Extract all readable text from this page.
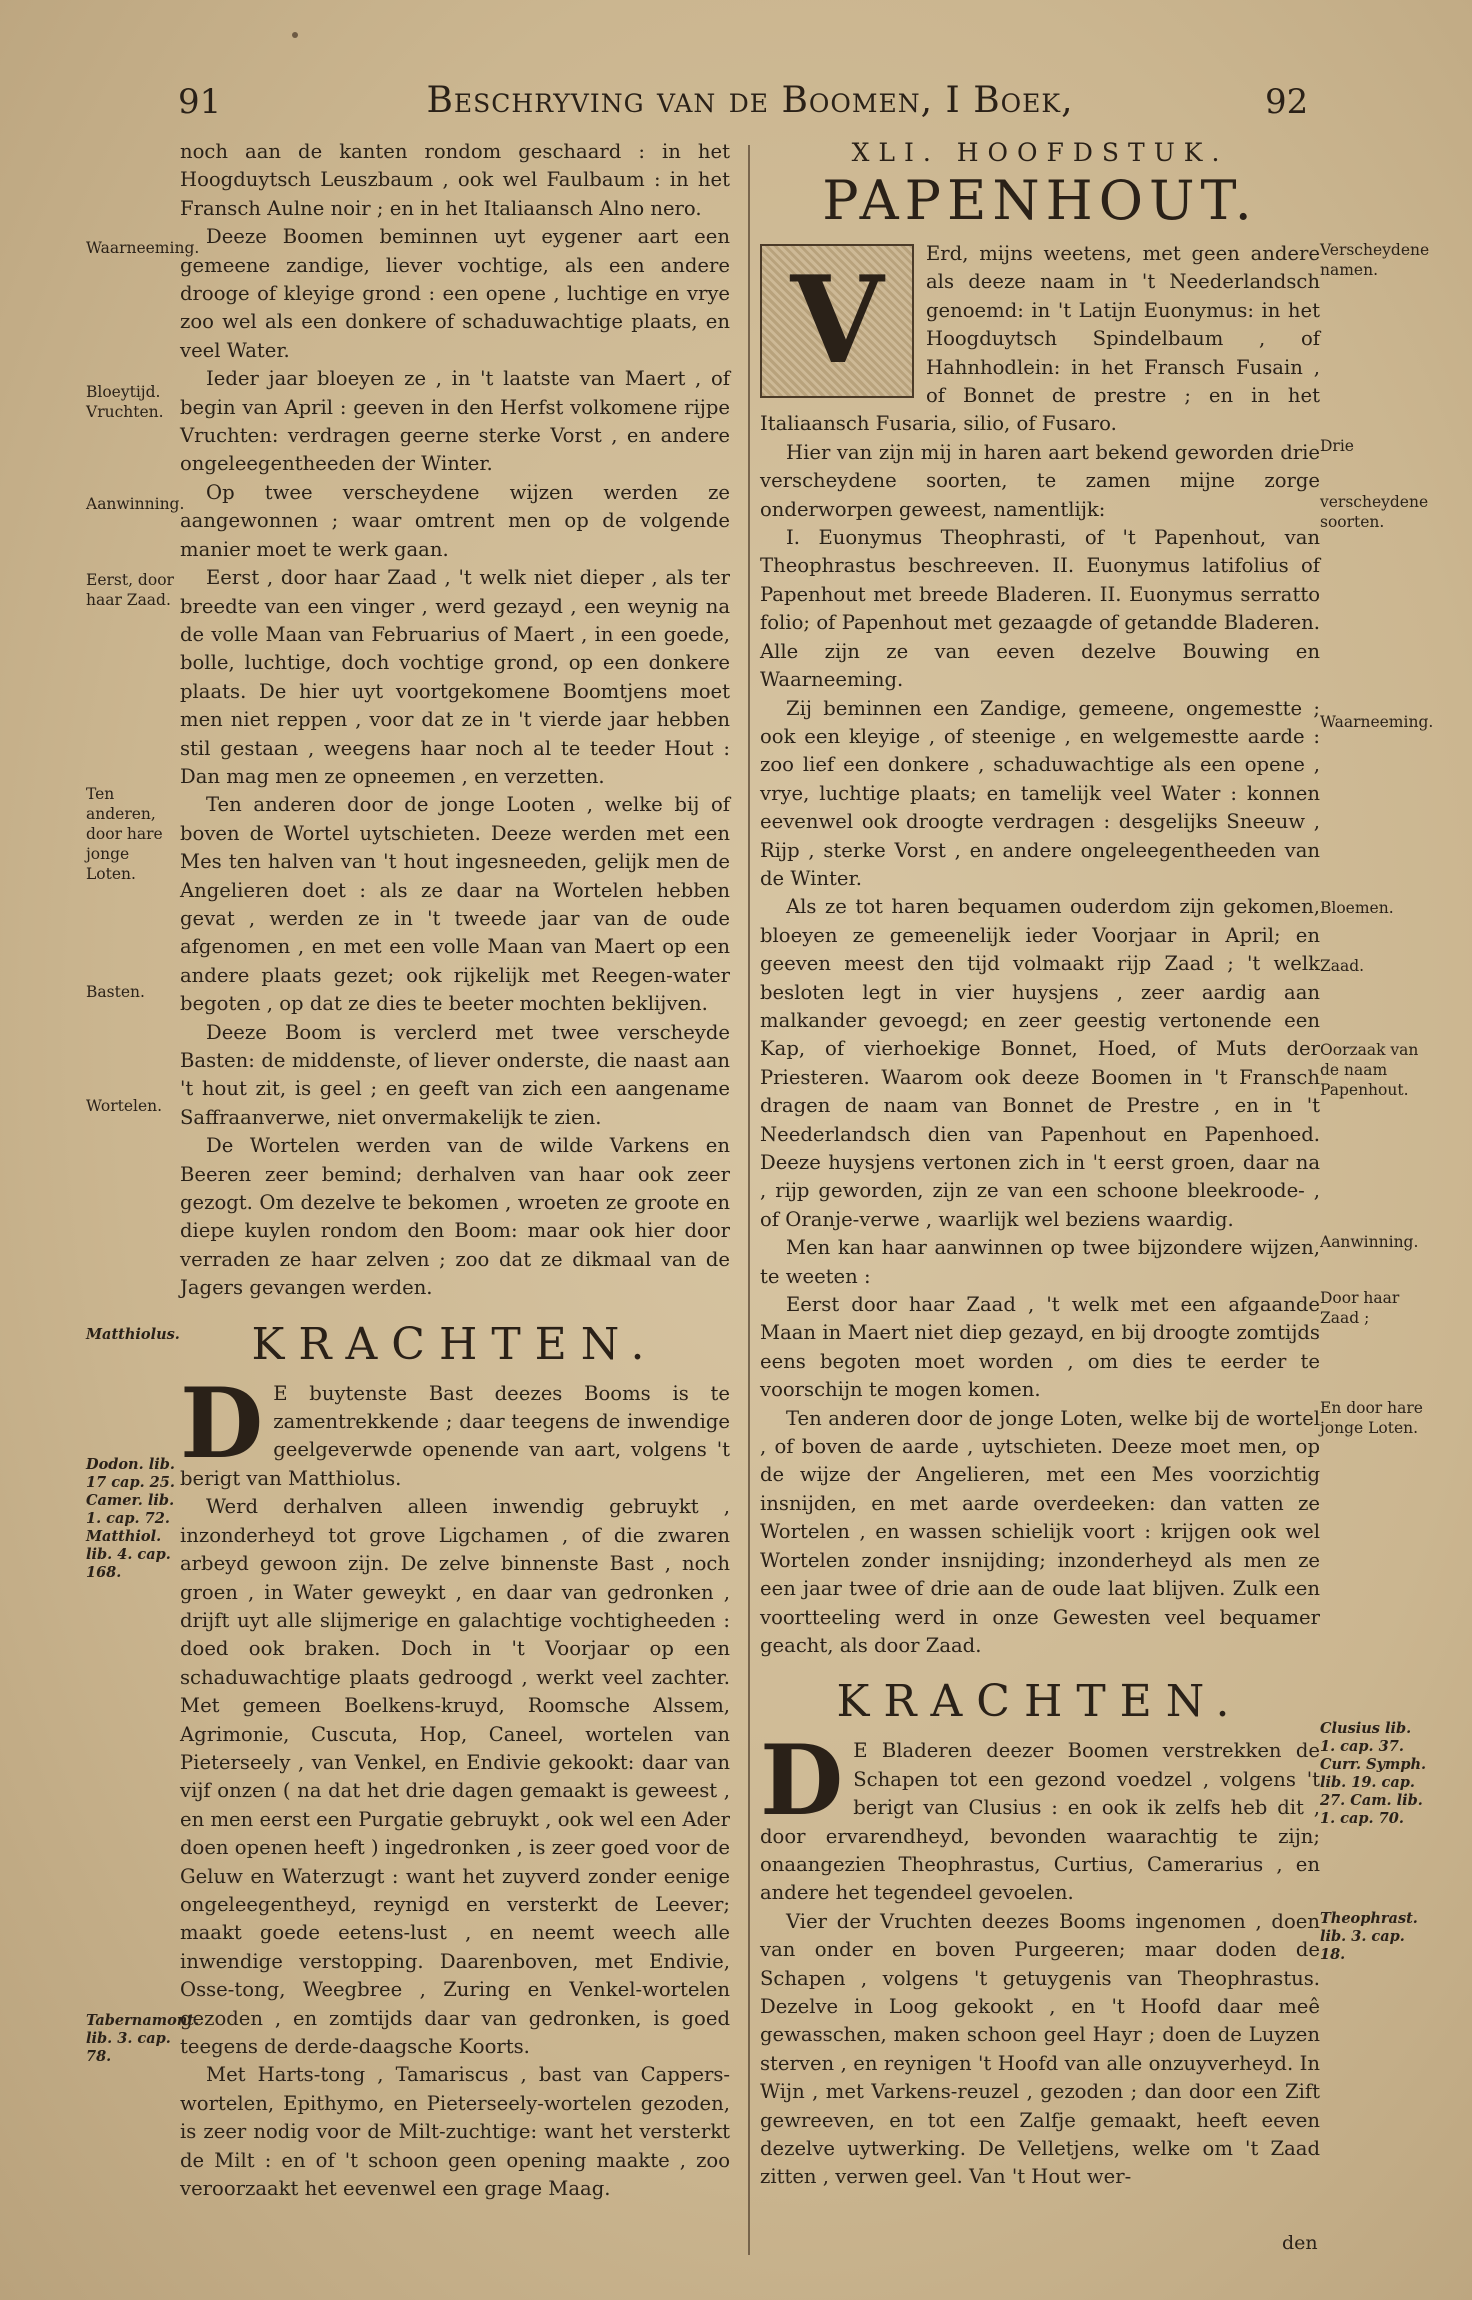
91	Beschryving van de Boomen, I Boek,	92

noch aan de kanten rondom geschaard : in het Hoogduytsch Leuszbaum , ook wel Faulbaum : in het Fransch Aulne noir ; en in het Italiaansch Alno nero.

Deeze Boomen beminnen uyt eygener aart een gemeene zandige, liever vochtige, als een andere drooge of kleyige grond : een opene , luchtige en vrye zoo wel als een donkere of schaduwachtige plaats, en veel Water.

Ieder jaar bloeyen ze , in 't laatste van Maert , of begin van April : geeven in den Herfst volkomene rijpe Vruchten: verdragen geerne sterke Vorst , en andere ongeleegentheeden der Winter.

Op twee verscheydene wijzen werden ze aangewonnen ; waar omtrent men op de volgende manier moet te werk gaan.

Eerst , door haar Zaad , 't welk niet dieper , als ter breedte van een vinger , werd gezayd , een weynig na de volle Maan van Februarius of Maert , in een goede, bolle, luchtige, doch vochtige grond, op een donkere plaats. De hier uyt voortgekomene Boomtjens moet men niet reppen , voor dat ze in 't vierde jaar hebben stil gestaan , weegens haar noch al te teeder Hout : Dan mag men ze opneemen , en verzetten.

Ten anderen door de jonge Looten , welke bij of boven de Wortel uytschieten. Deeze werden met een Mes ten halven van 't hout ingesneeden, gelijk men de Angelieren doet : als ze daar na Wortelen hebben gevat , werden ze in 't tweede jaar van de oude afgenomen , en met een volle Maan van Maert op een andere plaats gezet; ook rijkelijk met Reegen-water begoten , op dat ze dies te beeter mochten beklijven.

Deeze Boom is verclerd met twee verscheyde Basten: de middenste, of liever onderste, die naast aan 't hout zit, is geel ; en geeft van zich een aangename Saffraanverwe, niet onvermakelijk te zien.

De Wortelen werden van de wilde Varkens en Beeren zeer bemind; derhalven van haar ook zeer gezogt. Om dezelve te bekomen , wroeten ze groote en diepe kuylen rondom den Boom: maar ook hier door verraden ze haar zelven ; zoo dat ze dikmaal van de Jagers gevangen werden.

KRACHTEN.

D E buytenste Bast deezes Booms is te zamentrekkende ; daar teegens de inwendige geelgeverwde openende van aart, volgens 't berigt van Matthiolus.

Werd derhalven alleen inwendig gebruykt , inzonderheyd tot grove Ligchamen , of die zwaren arbeyd gewoon zijn. De zelve binnenste Bast , noch groen , in Water geweykt , en daar van gedronken , drijft uyt alle slijmerige en galachtige vochtigheeden : doed ook braken. Doch in 't Voorjaar op een schaduwachtige plaats gedroogd , werkt veel zachter. Met gemeen Boelkens-kruyd, Roomsche Alssem, Agrimonie, Cuscuta, Hop, Caneel, wortelen van Pieterseely , van Venkel, en Endivie gekookt: daar van vijf onzen ( na dat het drie dagen gemaakt is geweest , en men eerst een Purgatie gebruykt , ook wel een Ader doen openen heeft ) ingedronken , is zeer goed voor de Geluw en Waterzugt : want het zuyverd zonder eenige ongeleegentheyd, reynigd en versterkt de Leever; maakt goede eetens-lust , en neemt weech alle inwendige verstopping. Daarenboven, met Endivie, Osse-tong, Weegbree , Zuring en Venkel-wortelen gezoden , en zomtijds daar van gedronken, is goed teegens de derde-daagsche Koorts.

Met Harts-tong , Tamariscus , bast van Cappers-wortelen, Epithymo, en Pieterseely-wortelen gezoden, is zeer nodig voor de Milt-zuchtige: want het versterkt de Milt : en of 't schoon geen opening maakte , zoo veroorzaakt het eevenwel een grage Maag.

Waarneeming.
Bloeytijd. Vruchten.
Aanwinning.
Eerst, door haar Zaad.
Ten anderen, door hare jonge Loten.
Basten.
Wortelen.
Matthiolus.
Dodon. lib. 17 cap. 25. Camer. lib. 1. cap. 72. Matthiol. lib. 4. cap. 168.
Tabernamont. lib. 3. cap. 78.

XLI. HOOFDSTUK.

PAPENHOUT.

V	Erd, mijns weetens, met geen andere als deeze naam in 't Neederlandsch genoemd: in 't Latijn Euonymus: in het Hoogduytsch Spindelbaum , of Hahnhodlein: in het Fransch Fusain , of Bonnet de prestre ; en in het Italiaansch Fusaria, silio, of Fusaro.

Hier van zijn mij in haren aart bekend geworden drie verscheydene soorten, te zamen mijne zorge onderworpen geweest, namentlijk:

I. Euonymus Theophrasti, of 't Papenhout, van Theophrastus beschreeven. II. Euonymus latifolius of Papenhout met breede Bladeren. II. Euonymus serratto folio; of Papenhout met gezaagde of getandde Bladeren. Alle zijn ze van eeven dezelve Bouwing en Waarneeming.

Zij beminnen een Zandige, gemeene, ongemestte ; ook een kleyige , of steenige , en welgemestte aarde : zoo lief een donkere , schaduwachtige als een opene , vrye, luchtige plaats; en tamelijk veel Water : konnen eevenwel ook droogte verdragen : desgelijks Sneeuw , Rijp , sterke Vorst , en andere ongeleegentheeden van de Winter.

Als ze tot haren bequamen ouderdom zijn gekomen, bloeyen ze gemeenelijk ieder Voorjaar in April; en geeven meest den tijd volmaakt rijp Zaad ; 't welk besloten legt in vier huysjens , zeer aardig aan malkander gevoegd; en zeer geestig vertonende een Kap, of vierhoekige Bonnet, Hoed, of Muts der Priesteren. Waarom ook deeze Boomen in 't Fransch dragen de naam van Bonnet de Prestre , en in 't Neederlandsch dien van Papenhout en Papenhoed. Deeze huysjens vertonen zich in 't eerst groen, daar na , rijp geworden, zijn ze van een schoone bleekroode- , of Oranje-verwe , waarlijk wel beziens waardig.

Men kan haar aanwinnen op twee bijzondere wijzen, te weeten :

Eerst door haar Zaad , 't welk met een afgaande Maan in Maert niet diep gezayd, en bij droogte zomtijds eens begoten moet worden , om dies te eerder te voorschijn te mogen komen.

Ten anderen door de jonge Loten, welke bij de wortel , of boven de aarde , uytschieten. Deeze moet men, op de wijze der Angelieren, met een Mes voorzichtig insnijden, en met aarde overdeeken: dan vatten ze Wortelen , en wassen schielijk voort : krijgen ook wel Wortelen zonder insnijding; inzonderheyd als men ze een jaar twee of drie aan de oude laat blijven. Zulk een voortteeling werd in onze Gewesten veel bequamer geacht, als door Zaad.

KRACHTEN.

D E Bladeren deezer Boomen verstrekken de Schapen tot een gezond voedzel , volgens 't berigt van Clusius : en ook ik zelfs heb dit , door ervarendheyd, bevonden waarachtig te zijn; onaangezien Theophrastus, Curtius, Camerarius , en andere het tegendeel gevoelen.

Vier der Vruchten deezes Booms ingenomen , doen van onder en boven Purgeeren; maar doden de Schapen , volgens 't getuygenis van Theophrastus. Dezelve in Loog gekookt , en 't Hoofd daar meê gewasschen, maken schoon geel Hayr ; doen de Luyzen sterven , en reynigen 't Hoofd van alle onzuyverheyd. In Wijn , met Varkens-reuzel , gezoden ; dan door een Zift gewreeven, en tot een Zalfje gemaakt, heeft eeven dezelve uytwerking. De Velletjens, welke om 't Zaad zitten , verwen geel. Van 't Hout wer-

Verscheydene namen.
Drie
verscheydene soorten.
Waarneeming.
Bloemen.
Zaad.
Oorzaak van de naam Papenhout.
Aanwinning.
Door haar Zaad ;
En door hare jonge Loten.
Clusius lib. 1. cap. 37. Curr. Symph. lib. 19. cap. 27. Cam. lib. 1. cap. 70.
Theophrast. lib. 3. cap. 18.
den
